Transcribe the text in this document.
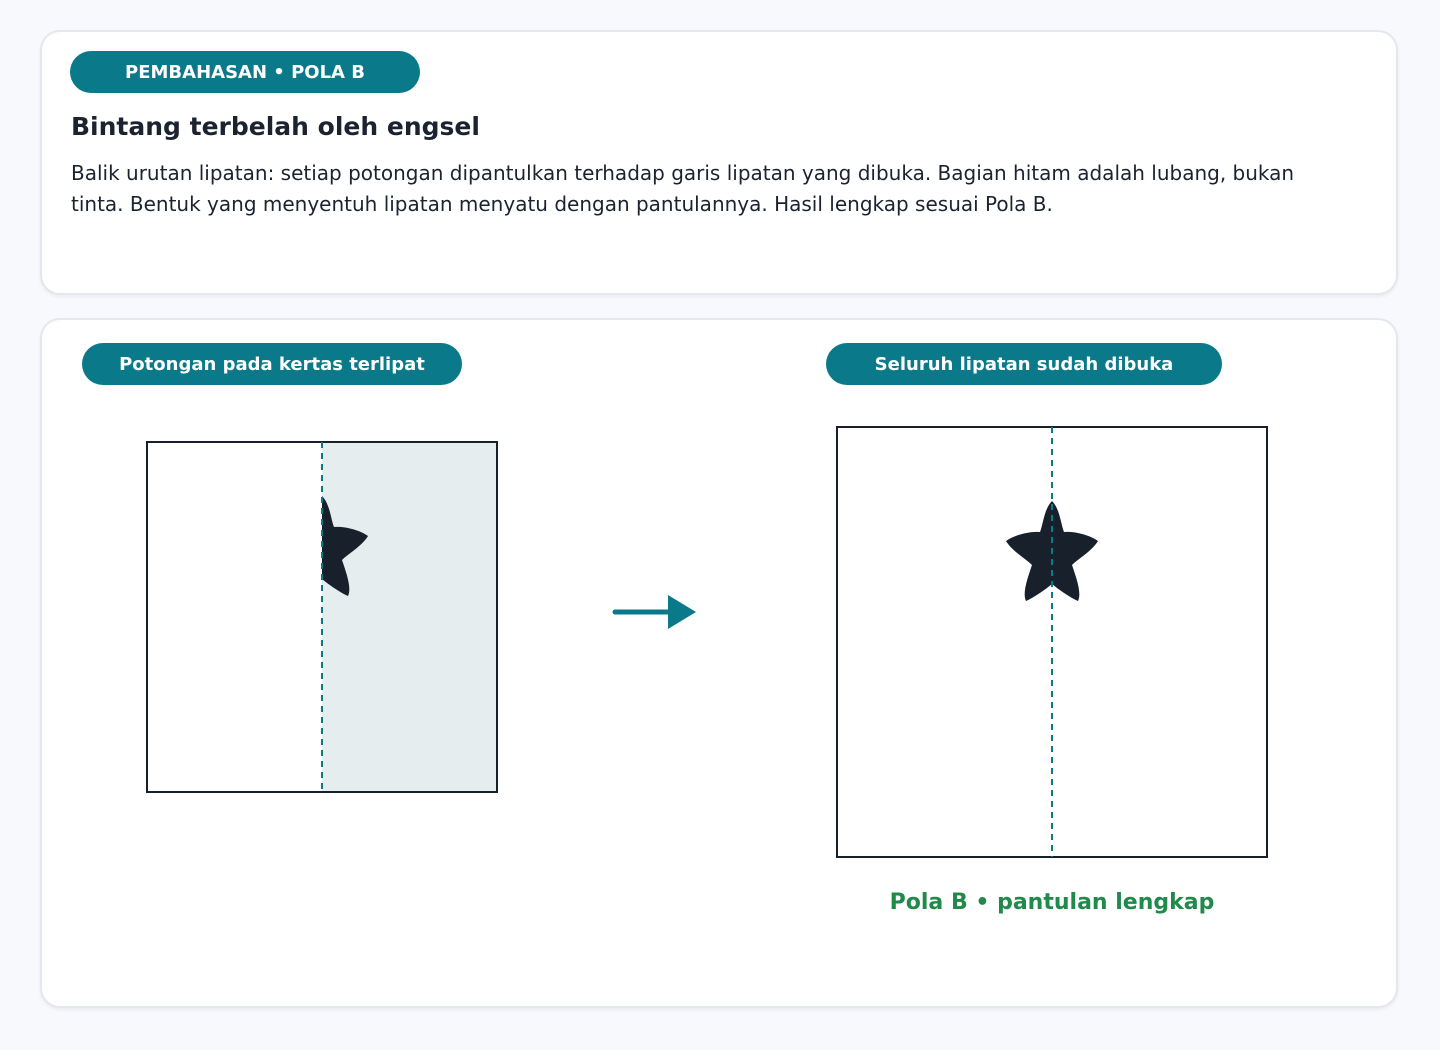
PEMBAHASAN • POLA B
Bintang terbelah oleh engsel

Balik urutan lipatan: setiap potongan dipantulkan terhadap garis lipatan yang dibuka. Bagian hitam adalah lubang, bukan tinta. Bentuk yang menyentuh lipatan menyatu dengan pantulannya. Hasil lengkap sesuai Pola B.

Potongan pada kertas terlipat	Seluruh lipatan sudah dibuka
Pola B • pantulan lengkap
